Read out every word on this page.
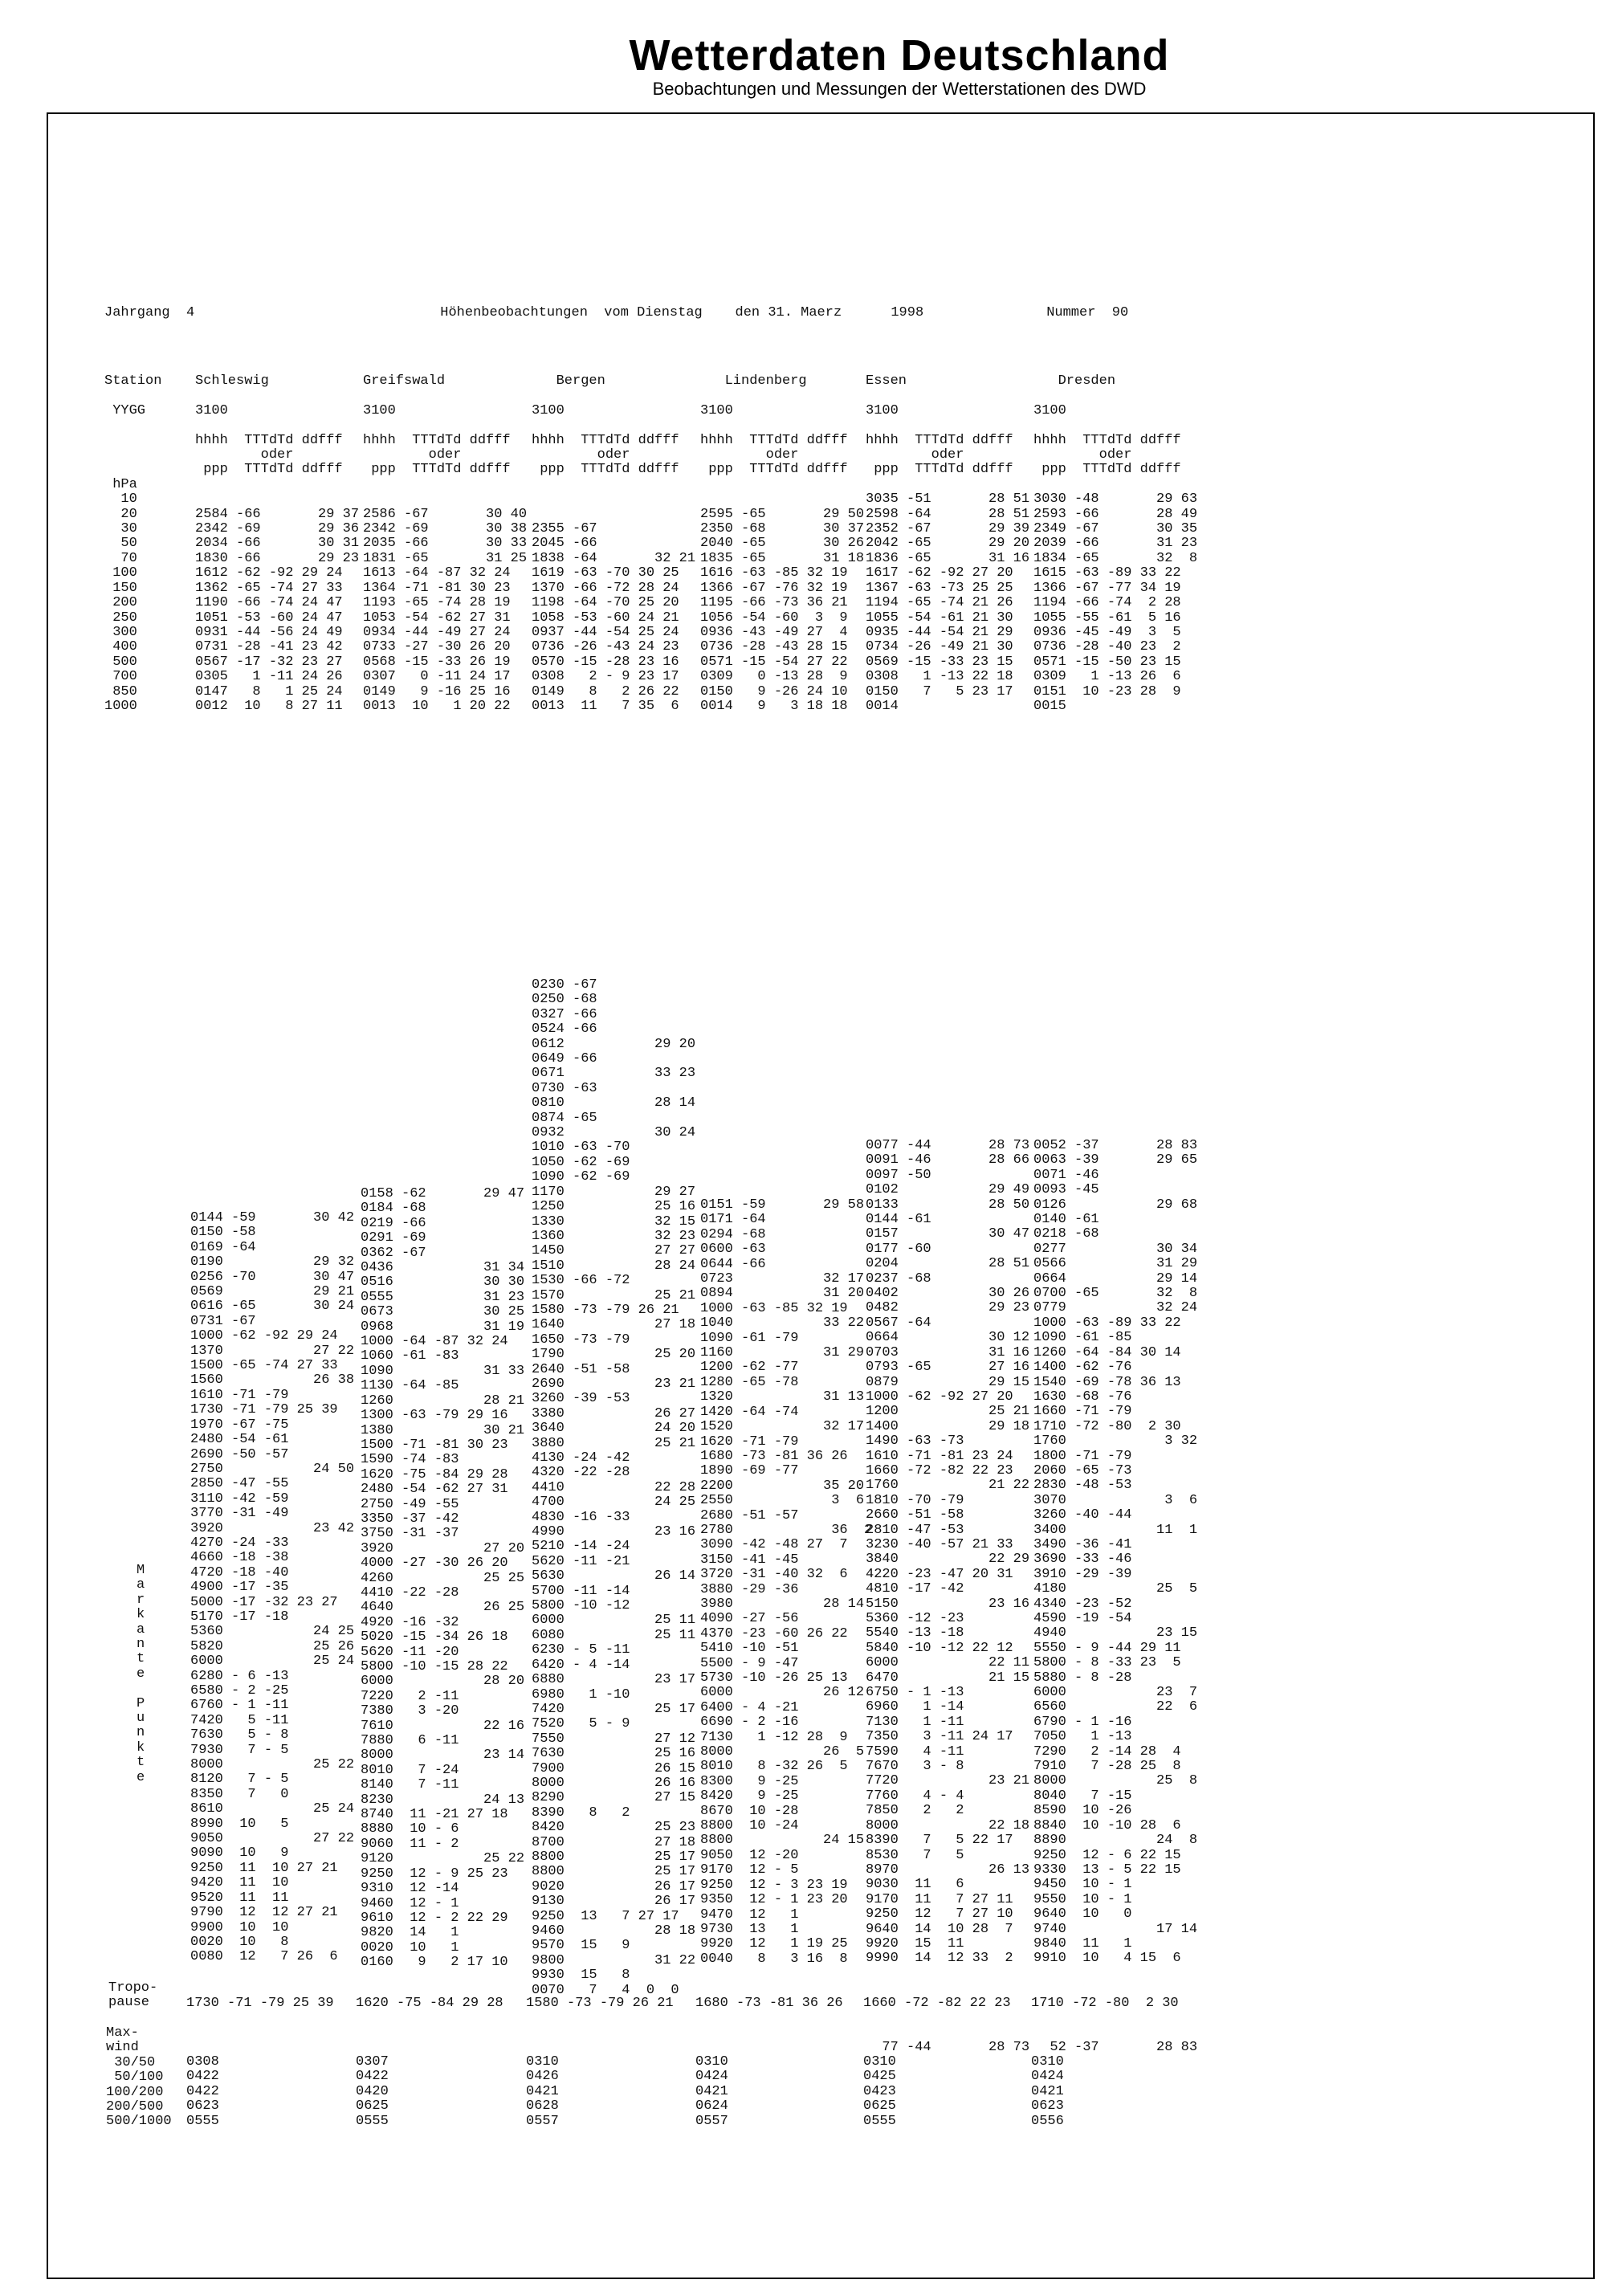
Wetterdaten Deutschland
Beobachtungen und Messungen der Wetterstationen des DWD
Jahrgang  4                              Höhenbeobachtungen  vom Dienstag    den 31. Maerz      1998               Nummer  90
Station

YYGG

hPa
10
20
30
50
70
100
150
200
250
300
400
500
700
850
1000
Schleswig

3100

hhhh  TTTdTd ddfff
oder
ppp  TTTdTd ddfff

2584 -66       29 37
2342 -69       29 36
2034 -66       30 31
1830 -66       29 23
1612 -62 -92 29 24
1362 -65 -74 27 33
1190 -66 -74 24 47
1051 -53 -60 24 47
0931 -44 -56 24 49
0731 -28 -41 23 42
0567 -17 -32 23 27
0305   1 -11 24 26
0147   8   1 25 24
0012  10   8 27 11
Greifswald

3100

hhhh  TTTdTd ddfff
oder
ppp  TTTdTd ddfff

2586 -67       30 40
2342 -69       30 38
2035 -66       30 33
1831 -65       31 25
1613 -64 -87 32 24
1364 -71 -81 30 23
1193 -65 -74 28 19
1053 -54 -62 27 31
0934 -44 -49 27 24
0733 -27 -30 26 20
0568 -15 -33 26 19
0307   0 -11 24 17
0149   9 -16 25 16
0013  10   1 20 22
Bergen

3100

hhhh  TTTdTd ddfff
oder
ppp  TTTdTd ddfff

2355 -67
2045 -66
1838 -64       32 21
1619 -63 -70 30 25
1370 -66 -72 28 24
1198 -64 -70 25 20
1058 -53 -60 24 21
0937 -44 -54 25 24
0736 -26 -43 24 23
0570 -15 -28 23 16
0308   2 - 9 23 17
0149   8   2 26 22
0013  11   7 35  6
Lindenberg

3100

hhhh  TTTdTd ddfff
oder
ppp  TTTdTd ddfff

2595 -65       29 50
2350 -68       30 37
2040 -65       30 26
1835 -65       31 18
1616 -63 -85 32 19
1366 -67 -76 32 19
1195 -66 -73 36 21
1056 -54 -60  3  9
0936 -43 -49 27  4
0736 -28 -43 28 15
0571 -15 -54 27 22
0309   0 -13 28  9
0150   9 -26 24 10
0014   9   3 18 18
Essen

3100

hhhh  TTTdTd ddfff
oder
ppp  TTTdTd ddfff

3035 -51       28 51
2598 -64       28 51
2352 -67       29 39
2042 -65       29 20
1836 -65       31 16
1617 -62 -92 27 20
1367 -63 -73 25 25
1194 -65 -74 21 26
1055 -54 -61 21 30
0935 -44 -54 21 29
0734 -26 -49 21 30
0569 -15 -33 23 15
0308   1 -13 22 18
0150   7   5 23 17
0014
Dresden

3100

hhhh  TTTdTd ddfff
oder
ppp  TTTdTd ddfff

3030 -48       29 63
2593 -66       28 49
2349 -67       30 35
2039 -66       31 23
1834 -65       32  8
1615 -63 -89 33 22
1366 -67 -77 34 19
1194 -66 -74  2 28
1055 -55 -61  5 16
0936 -45 -49  3  5
0736 -28 -40 23  2
0571 -15 -50 23 15
0309   1 -13 26  6
0151  10 -23 28  9
0015
M
a
r
k
a
n
t
e

P
u
n
k
t
e
0144 -59       30 42
0150 -58
0169 -64
0190           29 32
0256 -70       30 47
0569           29 21
0616 -65       30 24
0731 -67
1000 -62 -92 29 24
1370           27 22
1500 -65 -74 27 33
1560           26 38
1610 -71 -79
1730 -71 -79 25 39
1970 -67 -75
2480 -54 -61
2690 -50 -57
2750           24 50
2850 -47 -55
3110 -42 -59
3770 -31 -49
3920           23 42
4270 -24 -33
4660 -18 -38
4720 -18 -40
4900 -17 -35
5000 -17 -32 23 27
5170 -17 -18
5360           24 25
5820           25 26
6000           25 24
6280 - 6 -13
6580 - 2 -25
6760 - 1 -11
7420   5 -11
7630   5 - 8
7930   7 - 5
8000           25 22
8120   7 - 5
8350   7   0
8610           25 24
8990  10   5
9050           27 22
9090  10   9
9250  11  10 27 21
9420  11  10
9520  11  11
9790  12  12 27 21
9900  10  10
0020  10   8
0080  12   7 26  6
0158 -62       29 47
0184 -68
0219 -66
0291 -69
0362 -67
0436           31 34
0516           30 30
0555           31 23
0673           30 25
0968           31 19
1000 -64 -87 32 24
1060 -61 -83
1090           31 33
1130 -64 -85
1260           28 21
1300 -63 -79 29 16
1380           30 21
1500 -71 -81 30 23
1590 -74 -83
1620 -75 -84 29 28
2480 -54 -62 27 31
2750 -49 -55
3350 -37 -42
3750 -31 -37
3920           27 20
4000 -27 -30 26 20
4260           25 25
4410 -22 -28
4640           26 25
4920 -16 -32
5020 -15 -34 26 18
5620 -11 -20
5800 -10 -15 28 22
6000           28 20
7220   2 -11
7380   3 -20
7610           22 16
7880   6 -11
8000           23 14
8010   7 -24
8140   7 -11
8230           24 13
8740  11 -21 27 18
8880  10 - 6
9060  11 - 2
9120           25 22
9250  12 - 9 25 23
9310  12 -14
9460  12 - 1
9610  12 - 2 22 29
9820  14   1
0020  10   1
0160   9   2 17 10
0230 -67
0250 -68
0327 -66
0524 -66
0612           29 20
0649 -66
0671           33 23
0730 -63
0810           28 14
0874 -65
0932           30 24
1010 -63 -70
1050 -62 -69
1090 -62 -69
1170           29 27
1250           25 16
1330           32 15
1360           32 23
1450           27 27
1510           28 24
1530 -66 -72
1570           25 21
1580 -73 -79 26 21
1640           27 18
1650 -73 -79
1790           25 20
2640 -51 -58
2690           23 21
3260 -39 -53
3380           26 27
3640           24 20
3880           25 21
4130 -24 -42
4320 -22 -28
4410           22 28
4700           24 25
4830 -16 -33
4990           23 16
5210 -14 -24
5620 -11 -21
5630           26 14
5700 -11 -14
5800 -10 -12
6000           25 11
6080           25 11
6230 - 5 -11
6420 - 4 -14
6880           23 17
6980   1 -10
7420           25 17
7520   5 - 9
7550           27 12
7630           25 16
7900           26 15
8000           26 16
8290           27 15
8390   8   2
8420           25 23
8700           27 18
8800           25 17
8800           25 17
9020           26 17
9130           26 17
9250  13   7 27 17
9460           28 18
9570  15   9
9800           31 22
9930  15   8
0070   7   4  0  0
0151 -59       29 58
0171 -64
0294 -68
0600 -63
0644 -66
0723           32 17
0894           31 20
1000 -63 -85 32 19
1040           33 22
1090 -61 -79
1160           31 29
1200 -62 -77
1280 -65 -78
1320           31 13
1420 -64 -74
1520           32 17
1620 -71 -79
1680 -73 -81 36 26
1890 -69 -77
2200           35 20
2550            3  6
2680 -51 -57
2780            36  2
3090 -42 -48 27  7
3150 -41 -45
3720 -31 -40 32  6
3880 -29 -36
3980           28 14
4090 -27 -56
4370 -23 -60 26 22
5410 -10 -51
5500 - 9 -47
5730 -10 -26 25 13
6000           26 12
6400 - 4 -21
6690 - 2 -16
7130   1 -12 28  9
8000           26  5
8010   8 -32 26  5
8300   9 -25
8420   9 -25
8670  10 -28
8800  10 -24
8800           24 15
9050  12 -20
9170  12 - 5
9250  12 - 3 23 19
9350  12 - 1 23 20
9470  12   1
9730  13   1
9920  12   1 19 25
0040   8   3 16  8
0077 -44       28 73
0091 -46       28 66
0097 -50
0102           29 49
0133           28 50
0144 -61
0157           30 47
0177 -60
0204           28 51
0237 -68
0402           30 26
0482           29 23
0567 -64
0664           30 12
0703           31 16
0793 -65       27 16
0879           29 15
1000 -62 -92 27 20
1200           25 21
1400           29 18
1490 -63 -73
1610 -71 -81 23 24
1660 -72 -82 22 23
1760           21 22
1810 -70 -79
2660 -51 -58
2810 -47 -53
3230 -40 -57 21 33
3840           22 29
4220 -23 -47 20 31
4810 -17 -42
5150           23 16
5360 -12 -23
5540 -13 -18
5840 -10 -12 22 12
6000           22 11
6470           21 15
6750 - 1 -13
6960   1 -14
7130   1 -11
7350   3 -11 24 17
7590   4 -11
7670   3 - 8
7720           23 21
7760   4 - 4
7850   2   2
8000           22 18
8390   7   5 22 17
8530   7   5
8970           26 13
9030  11   6
9170  11   7 27 11
9250  12   7 27 10
9640  14  10 28  7
9920  15  11
9990  14  12 33  2
0052 -37       28 83
0063 -39       29 65
0071 -46
0093 -45
0126           29 68
0140 -61
0218 -68
0277           30 34
0566           31 29
0664           29 14
0700 -65       32  8
0779           32 24
1000 -63 -89 33 22
1090 -61 -85
1260 -64 -84 30 14
1400 -62 -76
1540 -69 -78 36 13
1630 -68 -76
1660 -71 -79
1710 -72 -80  2 30
1760            3 32
1800 -71 -79
2060 -65 -73
2830 -48 -53
3070            3  6
3260 -40 -44
3400           11  1
3490 -36 -41
3690 -33 -46
3910 -29 -39
4180           25  5
4340 -23 -52
4590 -19 -54
4940           23 15
5550 - 9 -44 29 11
5800 - 8 -33 23  5
5880 - 8 -28
6000           23  7
6560           22  6
6790 - 1 -16
7050   1 -13
7290   2 -14 28  4
7910   7 -28 25  8
8000           25  8
8040   7 -15
8590  10 -26
8840  10 -10 28  6
8890           24  8
9250  12 - 6 22 15
9330  13 - 5 22 15
9450  10 - 1
9550  10 - 1
9640  10   0
9740           17 14
9840  11   1
9910  10   4 15  6
Tropo-
pause	1730 -71 -79 25 39 1620 -75 -84 29 28 1580 -73 -79 26 21 1680 -73 -81 36 26 1660 -72 -82 22 23 1710 -72 -80  2 30
Max-
wind
30/50
50/100
100/200
200/500
500/1000
77 -44       28 73 52 -37       28 83
0308
0422
0422
0623
0555
0307
0422
0420
0625
0555
0310
0426
0421
0628
0557
0310
0424
0421
0624
0557
0310
0425
0423
0625
0555
0310
0424
0421
0623
0556
